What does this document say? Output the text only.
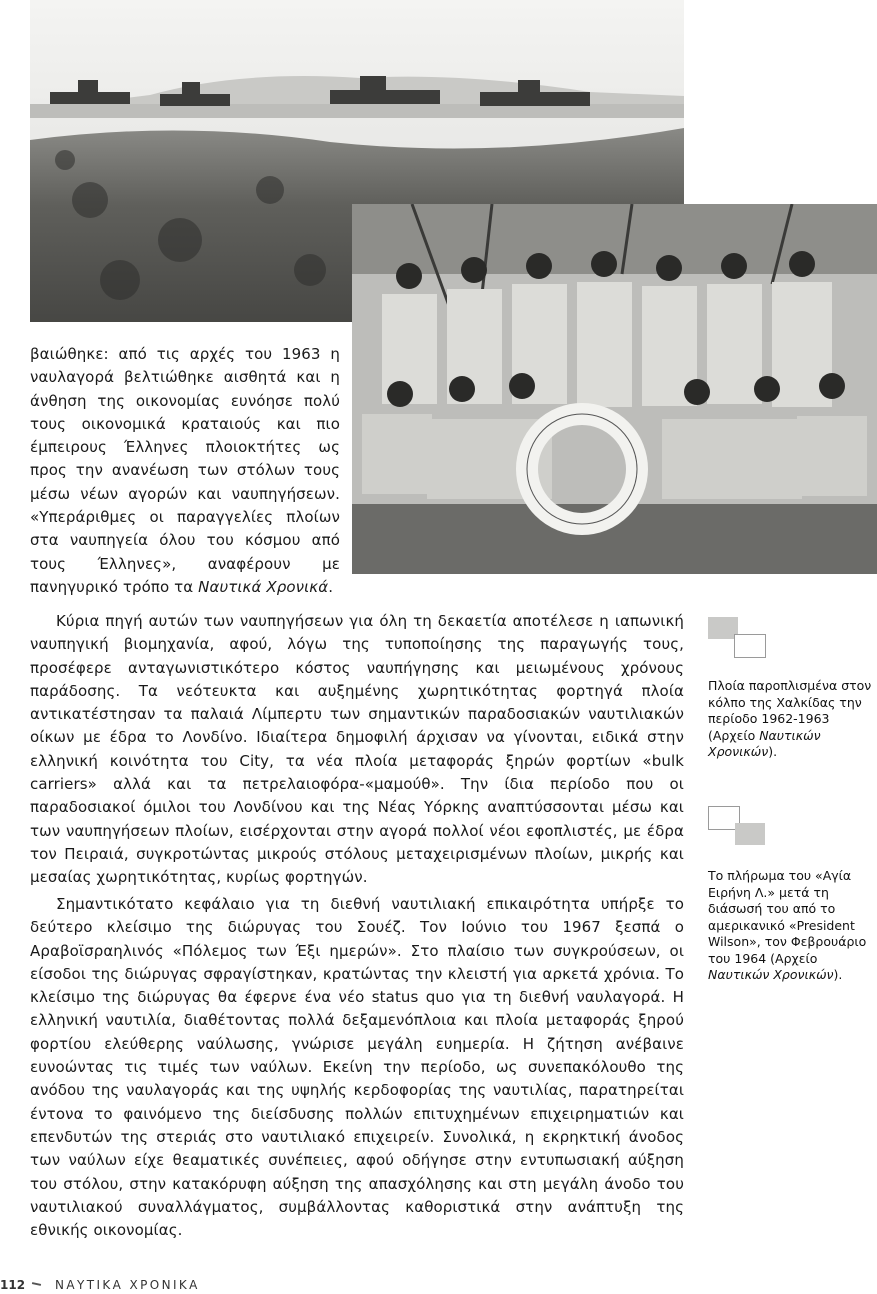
βαιώθηκε: από τις αρχές του 1963 η ναυλαγορά βελτιώθηκε αισθητά και η άνθηση της οικονομίας ευνόησε πολύ τους οικονομικά κραταιούς και πιο έμπειρους Έλληνες πλοιοκτήτες ως προς την ανανέωση των στόλων τους μέσω νέων αγορών και ναυπηγήσεων. «Υπεράριθμες οι παραγγελίες πλοίων στα ναυπηγεία όλου του κόσμου από τους Έλληνες», αναφέρουν με πανηγυρικό τρόπο τα Ναυτικά Χρονικά.

Κύρια πηγή αυτών των ναυπηγήσεων για όλη τη δεκαετία αποτέλεσε η ιαπωνική ναυπηγική βιομηχανία, αφού, λόγω της τυποποίησης της παραγωγής τους, προσέφερε ανταγωνιστικότερο κόστος ναυπήγησης και μειωμένους χρόνους παράδοσης. Τα νεότευκτα και αυξημένης χωρητικότητας φορτηγά πλοία αντικατέστησαν τα παλαιά Λίμπερτυ των σημαντικών παραδοσιακών ναυτιλιακών οίκων με έδρα το Λονδίνο. Ιδιαίτερα δημοφιλή άρχισαν να γίνονται, ειδικά στην ελληνική κοινότητα του City, τα νέα πλοία μεταφοράς ξηρών φορτίων «bulk carriers» αλλά και τα πετρελαιοφόρα-«μαμούθ». Την ίδια περίοδο που οι παραδοσιακοί όμιλοι του Λονδίνου και της Νέας Υόρκης αναπτύσσονται μέσω και των ναυπηγήσεων πλοίων, εισέρχονται στην αγορά πολλοί νέοι εφοπλιστές, με έδρα τον Πειραιά, συγκροτώντας μικρούς στόλους μεταχειρισμένων πλοίων, μικρής και μεσαίας χωρητικότητας, κυρίως φορτηγών.

Σημαντικότατο κεφάλαιο για τη διεθνή ναυτιλιακή επικαιρότητα υπήρξε το δεύτερο κλείσιμο της διώρυγας του Σουέζ. Τον Ιούνιο του 1967 ξεσπά ο Αραβοϊσραηλινός «Πόλεμος των Έξι ημερών». Στο πλαίσιο των συγκρούσεων, οι είσοδοι της διώρυγας σφραγίστηκαν, κρατώντας την κλειστή για αρκετά χρόνια. Το κλείσιμο της διώρυγας θα έφερνε ένα νέο status quo για τη διεθνή ναυλαγορά. Η ελληνική ναυτιλία, διαθέτοντας πολλά δεξαμενόπλοια και πλοία μεταφοράς ξηρού φορτίου ελεύθερης ναύλωσης, γνώρισε μεγάλη ευημερία. Η ζήτηση ανέβαινε ευνοώντας τις τιμές των ναύλων. Εκείνη την περίοδο, ως συνεπακόλουθο της ανόδου της ναυλαγοράς και της υψηλής κερδοφορίας της ναυτιλίας, παρατηρείται έντονα το φαινόμενο της διείσδυσης πολλών επιτυχημένων επιχειρηματιών και επενδυτών της στεριάς στο ναυτιλιακό επιχειρείν. Συνολικά, η εκρηκτική άνοδος των ναύλων είχε θεαματικές συνέπειες, αφού οδήγησε στην εντυπωσιακή αύξηση του στόλου, στην κατακόρυφη αύξηση της απασχόλησης και στη μεγάλη άνοδο του ναυτιλιακού συναλλάγματος, συμβάλλοντας καθοριστικά στην ανάπτυξη της εθνικής οικονομίας.

Πλοία παροπλισμένα στον κόλπο της Χαλκίδας την περίοδο 1962-1963 (Αρχείο Ναυτικών Χρονικών).

Το πλήρωμα του «Αγία Ειρήνη Λ.» μετά τη διάσωσή του από το αμερικανικό «President Wilson», τον Φεβρουάριο του 1964 (Αρχείο Ναυτικών Χρονικών).

112 ΝΑΥΤΙΚΑ ΧΡΟΝΙΚΑ
